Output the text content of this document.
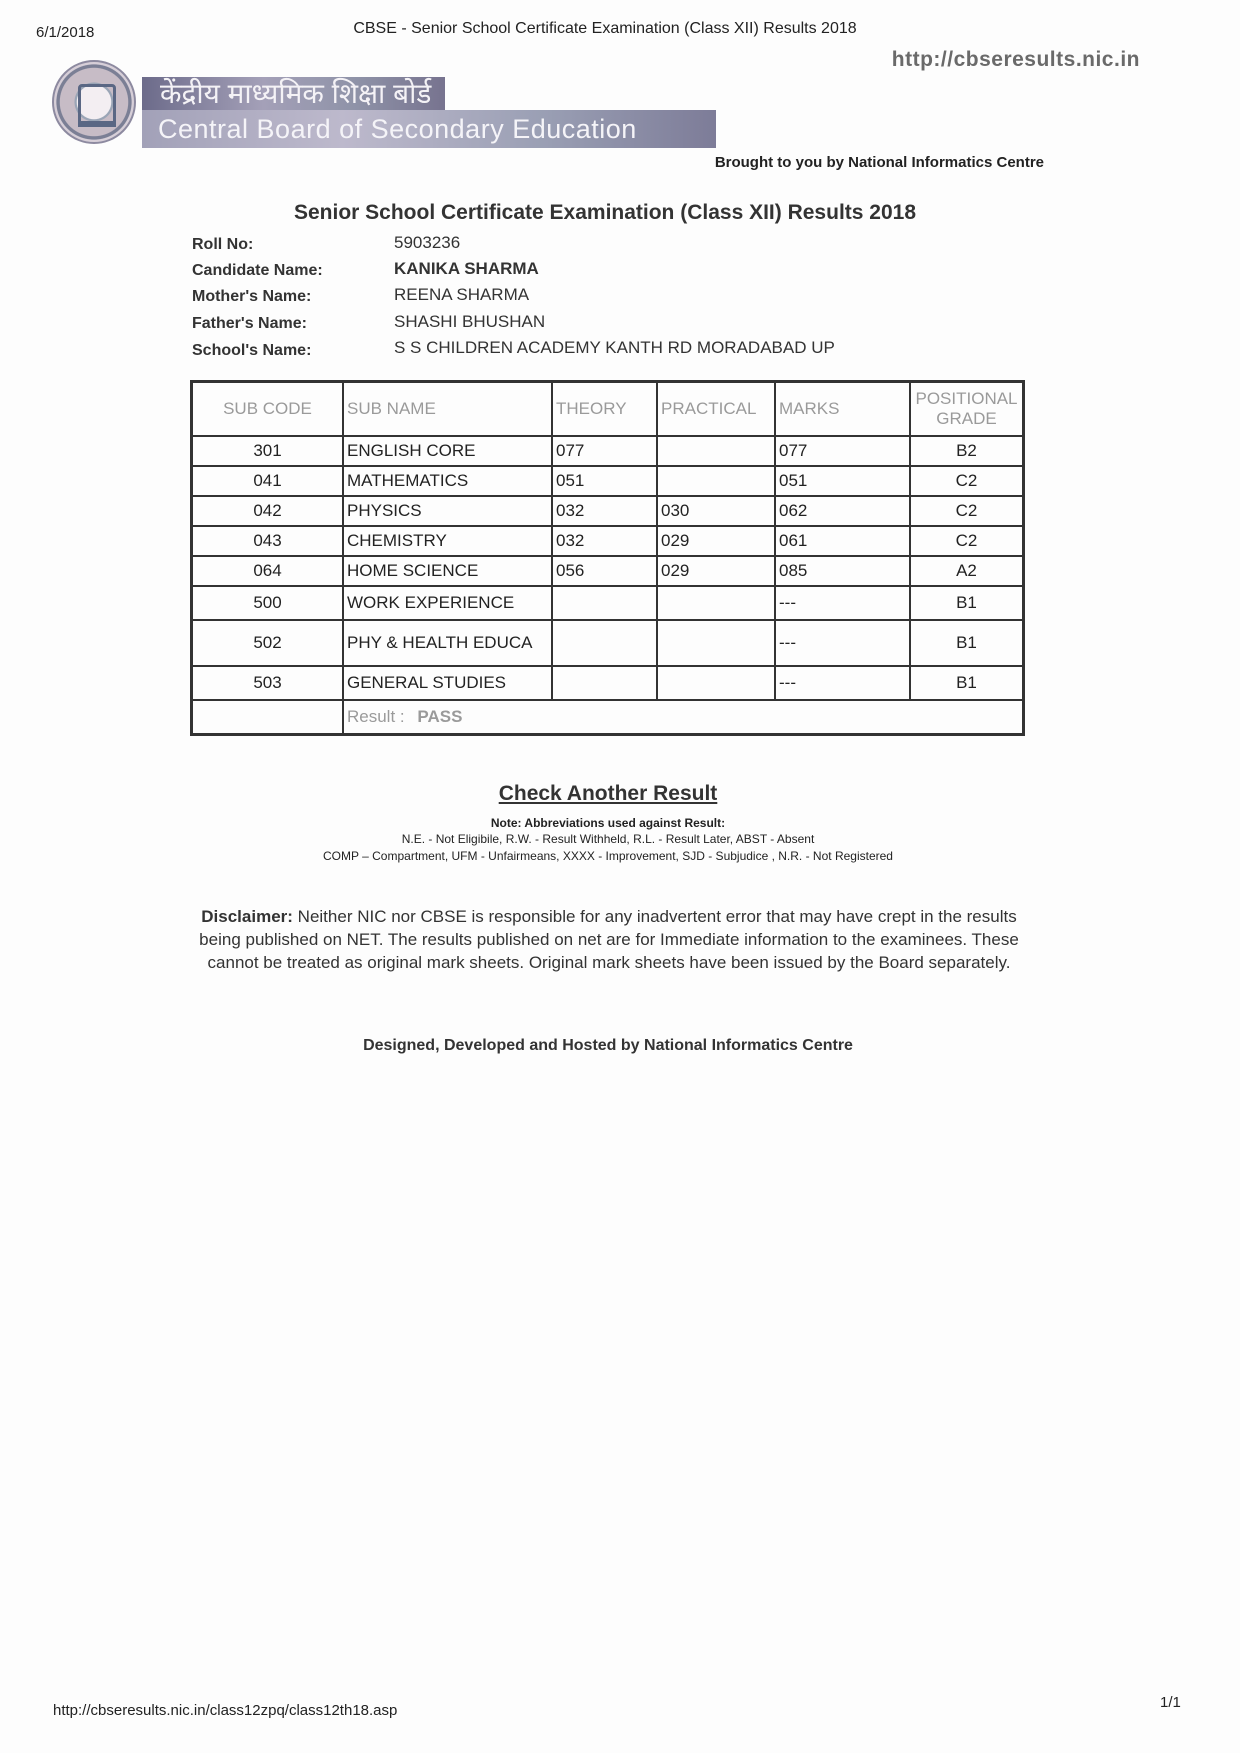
6/1/2018	CBSE - Senior School Certificate Examination (Class XII) Results 2018
http://cbseresults.nic.in
केंद्रीय माध्यमिक शिक्षा बोर्ड
Central Board of Secondary Education
Brought to you by National Informatics Centre
Senior School Certificate Examination (Class XII) Results 2018
Roll No:	5903236
Candidate Name:	KANIKA SHARMA
Mother's Name:	REENA SHARMA
Father's Name:	SHASHI BHUSHAN
School's Name:	S S CHILDREN ACADEMY KANTH RD MORADABAD UP
SUB CODE	SUB NAME	THEORY	PRACTICAL	MARKS	POSITIONAL GRADE
301	ENGLISH CORE	077		077	B2
041	MATHEMATICS	051		051	C2
042	PHYSICS	032	030	062	C2
043	CHEMISTRY	032	029	061	C2
064	HOME SCIENCE	056	029	085	A2
500	WORK EXPERIENCE			---	B1
502	PHY & HEALTH EDUCA			---	B1
503	GENERAL STUDIES			---	B1
	Result : PASS				
Check Another Result
Note: Abbreviations used against Result:
N.E. - Not Eligibile, R.W. - Result Withheld, R.L. - Result Later, ABST - Absent
COMP – Compartment, UFM - Unfairmeans, XXXX - Improvement, SJD - Subjudice , N.R. - Not Registered
Disclaimer: Neither NIC nor CBSE is responsible for any inadvertent error that may have crept in the results being published on NET. The results published on net are for Immediate information to the examinees. These cannot be treated as original mark sheets. Original mark sheets have been issued by the Board separately.
Designed, Developed and Hosted by National Informatics Centre
http://cbseresults.nic.in/class12zpq/class12th18.asp	1/1
